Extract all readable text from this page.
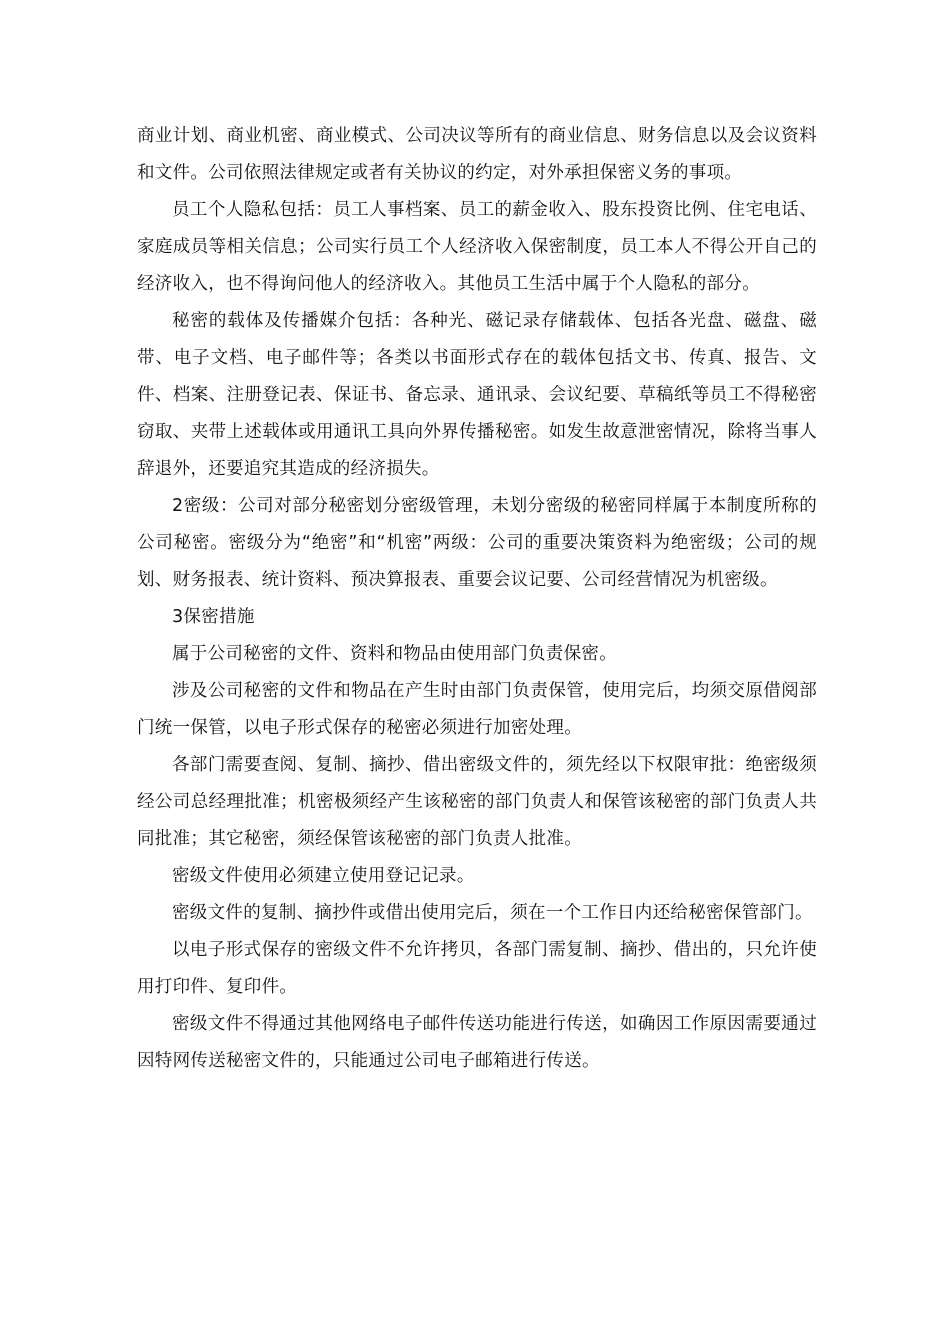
商业计划、商业机密、商业模式、公司决议等所有的商业信息、财务信息以及会议资料和文件。公司依照法律规定或者有关协议的约定，对外承担保密义务的事项。

员工个人隐私包括：员工人事档案、员工的薪金收入、股东投资比例、住宅电话、家庭成员等相关信息；公司实行员工个人经济收入保密制度，员工本人不得公开自己的经济收入，也不得询问他人的经济收入。其他员工生活中属于个人隐私的部分。

秘密的载体及传播媒介包括：各种光、磁记录存储载体、包括各光盘、磁盘、磁带、电子文档、电子邮件等；各类以书面形式存在的载体包括文书、传真、报告、文件、档案、注册登记表、保证书、备忘录、通讯录、会议纪要、草稿纸等员工不得秘密窃取、夹带上述载体或用通讯工具向外界传播秘密。如发生故意泄密情况，除将当事人辞退外，还要追究其造成的经济损失。

2密级：公司对部分秘密划分密级管理，未划分密级的秘密同样属于本制度所称的公司秘密。密级分为“绝密”和“机密”两级：公司的重要决策资料为绝密级；公司的规划、财务报表、统计资料、预决算报表、重要会议记要、公司经营情况为机密级。

3保密措施

属于公司秘密的文件、资料和物品由使用部门负责保密。

涉及公司秘密的文件和物品在产生时由部门负责保管，使用完后，均须交原借阅部门统一保管，以电子形式保存的秘密必须进行加密处理。

各部门需要查阅、复制、摘抄、借出密级文件的，须先经以下权限审批：绝密级须经公司总经理批准；机密极须经产生该秘密的部门负责人和保管该秘密的部门负责人共同批准；其它秘密，须经保管该秘密的部门负责人批准。

密级文件使用必须建立使用登记记录。

密级文件的复制、摘抄件或借出使用完后，须在一个工作日内还给秘密保管部门。

以电子形式保存的密级文件不允许拷贝，各部门需复制、摘抄、借出的，只允许使用打印件、复印件。

密级文件不得通过其他网络电子邮件传送功能进行传送，如确因工作原因需要通过因特网传送秘密文件的，只能通过公司电子邮箱进行传送。
